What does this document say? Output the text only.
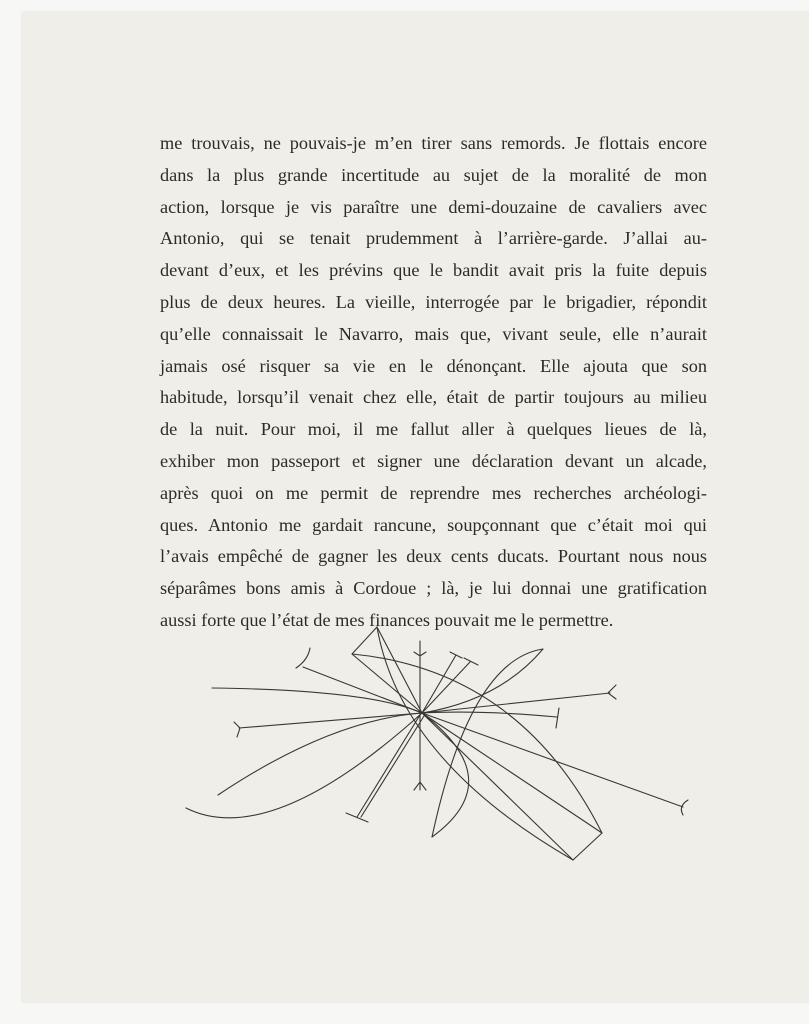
me trouvais, ne pouvais-je m’en tirer sans remords. Je flottais encore
dans la plus grande incertitude au sujet de la moralité de mon
action, lorsque je vis paraître une demi-douzaine de cavaliers avec
Antonio, qui se tenait prudemment à l’arrière-garde. J’allai au-
devant d’eux, et les prévins que le bandit avait pris la fuite depuis
plus de deux heures. La vieille, interrogée par le brigadier, répondit
qu’elle connaissait le Navarro, mais que, vivant seule, elle n’aurait
jamais osé risquer sa vie en le dénonçant. Elle ajouta que son
habitude, lorsqu’il venait chez elle, était de partir toujours au milieu
de la nuit. Pour moi, il me fallut aller à quelques lieues de là,
exhiber mon passeport et signer une déclaration devant un alcade,
après quoi on me permit de reprendre mes recherches archéologi-
ques. Antonio me gardait rancune, soupçonnant que c’était moi qui
l’avais empêché de gagner les deux cents ducats. Pourtant nous nous
séparâmes bons amis à Cordoue ; là, je lui donnai une gratification
aussi forte que l’état de mes finances pouvait me le permettre.
